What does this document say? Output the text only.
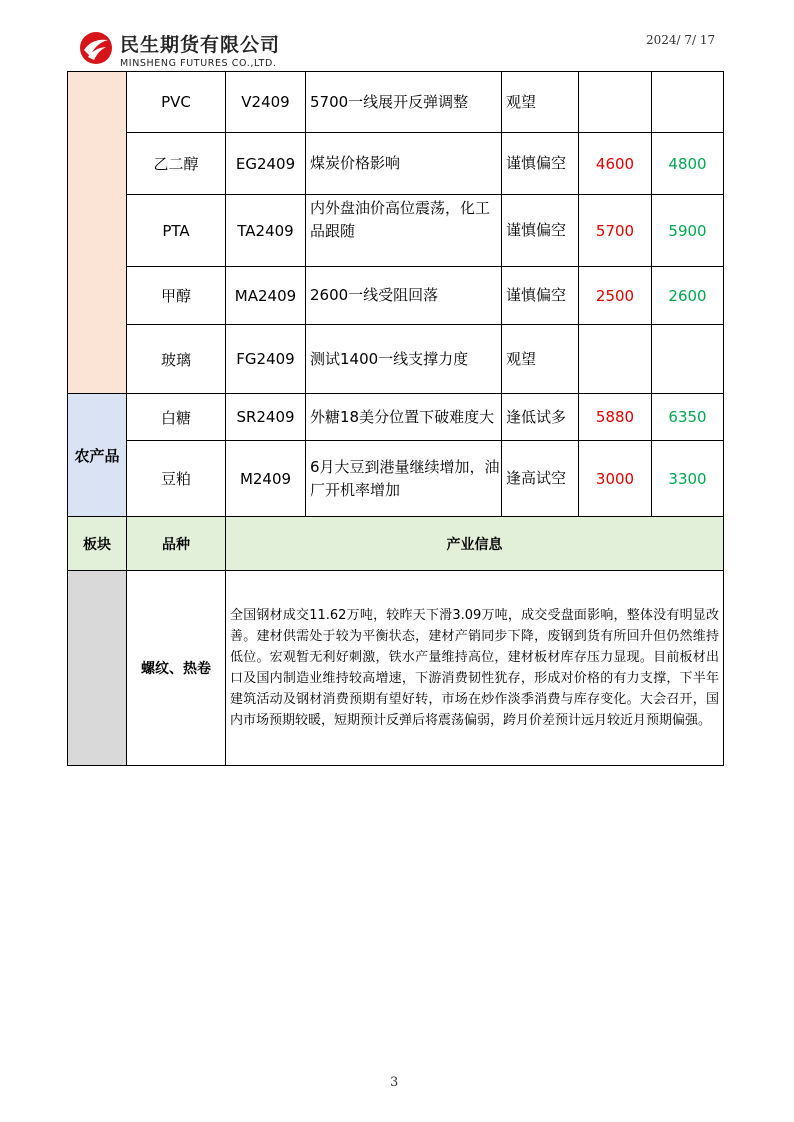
民生期货有限公司
MINSHENG FUTURES CO.,LTD.
2024/ 7/ 17
	PVC	V2409	5700一线展开反弹调整	观望		
	乙二醇	EG2409	煤炭价格影响	谨慎偏空	4600	4800
	PTA	TA2409	内外盘油价高位震荡，化工品跟随	谨慎偏空	5700	5900
	甲醇	MA2409	2600一线受阻回落	谨慎偏空	2500	2600
	玻璃	FG2409	测试1400一线支撑力度	观望		
农产品	白糖	SR2409	外糖18美分位置下破难度大	逢低试多	5880	6350
	豆粕	M2409	6月大豆到港量继续增加，油厂开机率增加	逢高试空	3000	3300
板块	品种	产业信息
	螺纹、热卷	全国钢材成交11.62万吨，较昨天下滑3.09万吨，成交受盘面影响，整体没有明显改善。建材供需处于较为平衡状态，建材产销同步下降，废钢到货有所回升但仍然维持低位。宏观暂无利好刺激，铁水产量维持高位，建材板材库存压力显现。目前板材出口及国内制造业维持较高增速，下游消费韧性犹存，形成对价格的有力支撑，下半年建筑活动及钢材消费预期有望好转，市场在炒作淡季消费与库存变化。大会召开，国内市场预期较暖，短期预计反弹后将震荡偏弱，跨月价差预计远月较近月预期偏强。
3
